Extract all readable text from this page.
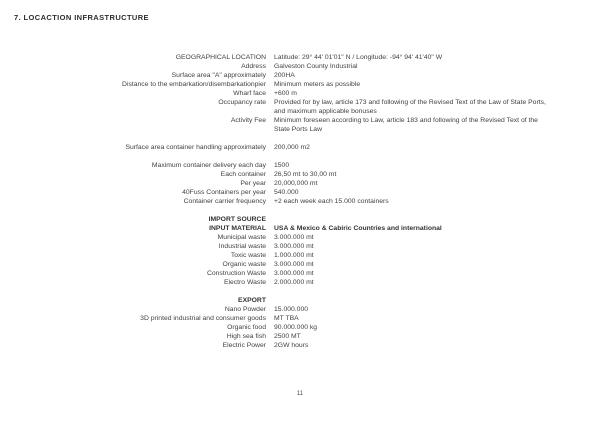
7. LOCACTION INFRASTRUCTURE
GEOGRAPHICAL LOCATION Latitude: 29° 44' 01'01" N / Longitude: -94° 94' 41'40" W
Address Galveston County Industrial
Surface area "A" approximately 200HA
Distance to the embarkation/disembarkationpier Minimum meters as possible
Wharf face +600 m
Occupancy rate Provided for by law, article 173 and following of the Revised Text of the Law of State Ports, and maximum applicable bonuses
Activity Fee Minimum foreseen according to Law, article 183 and following of the Revised Text of the State Ports Law
Surface area container handling approximately 200,000 m2
Maximum container delivery each day 1500
Each container 26,50 mt to 30,00 mt
Per year 20,000,000 mt
40Fuss Containers per year 540.000
Container carrier frequency +2 each week each 15.000 containers
IMPORT SOURCE
INPUT MATERIAL USA & Mexico & Cabiric Countries and international
Municipal waste 3.000.000 mt
Industrial waste 3.000.000 mt
Toxic waste 1.000.000 mt
Organic waste 3.000.000 mt
Construction Waste 3.000.000 mt
Electro Waste 2.000.000 mt
EXPORT
Nano Powder 15.000.000
3D printed industrial and consumer goods MT TBA
Organic food 90.000.000 kg
High sea fish 2500 MT
Electric Power 2GW hours
11
